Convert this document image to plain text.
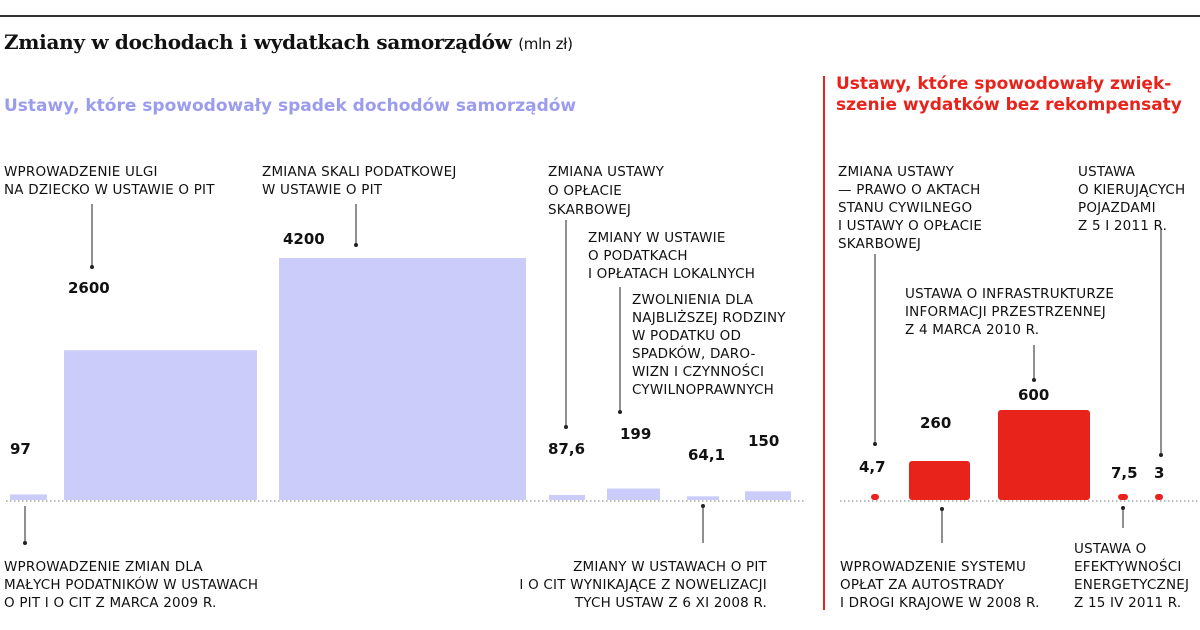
Zmiany w dochodach i wydatkach samorządów (mln zł)
Ustawy, które spowodowały spadek dochodów samorządów
Ustawy, które spowodowały zwięk-
szenie wydatków bez rekompensaty
97
2600
4200
87,6
199
64,1
150
WPROWADZENIE ZMIAN DLA MAŁYCH PODATNIKÓW W USTAWACH O PIT I O CIT Z MARCA 2009 R.
WPROWADZENIE ULGI NA DZIECKO W USTAWIE O PIT
ZMIANA SKALI PODATKOWEJ W USTAWIE O PIT
ZMIANA USTAWY O OPŁACIE SKARBOWEJ
ZMIANY W USTAWIE O PODATKACH I OPŁATACH LOKALNYCH
ZMIANY W USTAWACH O PIT I O CIT WYNIKAJĄCE Z NOWELIZACJI TYCH USTAW Z 6 XI 2008 R.
ZWOLNIENIA DLA NAJBLIŻSZEJ RODZINY W PODATKU OD SPADKÓW, DARO-WIZN I CZYNNOŚCI CYWILNOPRAWNYCH
4,7
260
600
7,5 3
ZMIANA USTAWY — PRAWO O AKTACH STANU CYWILNEGO I USTAWY O OPŁACIE SKARBOWEJ
WPROWADZENIE SYSTEMU OPŁAT ZA AUTOSTRADY I DROGI KRAJOWE W 2008 R.
USTAWA O INFRASTRUKTURZE INFORMACJI PRZESTRZENNEJ Z 4 MARCA 2010 R.
USTAWA O EFEKTYWNOŚCI ENERGETYCZNEJ Z 15 IV 2011 R.
USTAWA O KIERUJĄCYCH POJAZDAMI Z 5 I 2011 R.
